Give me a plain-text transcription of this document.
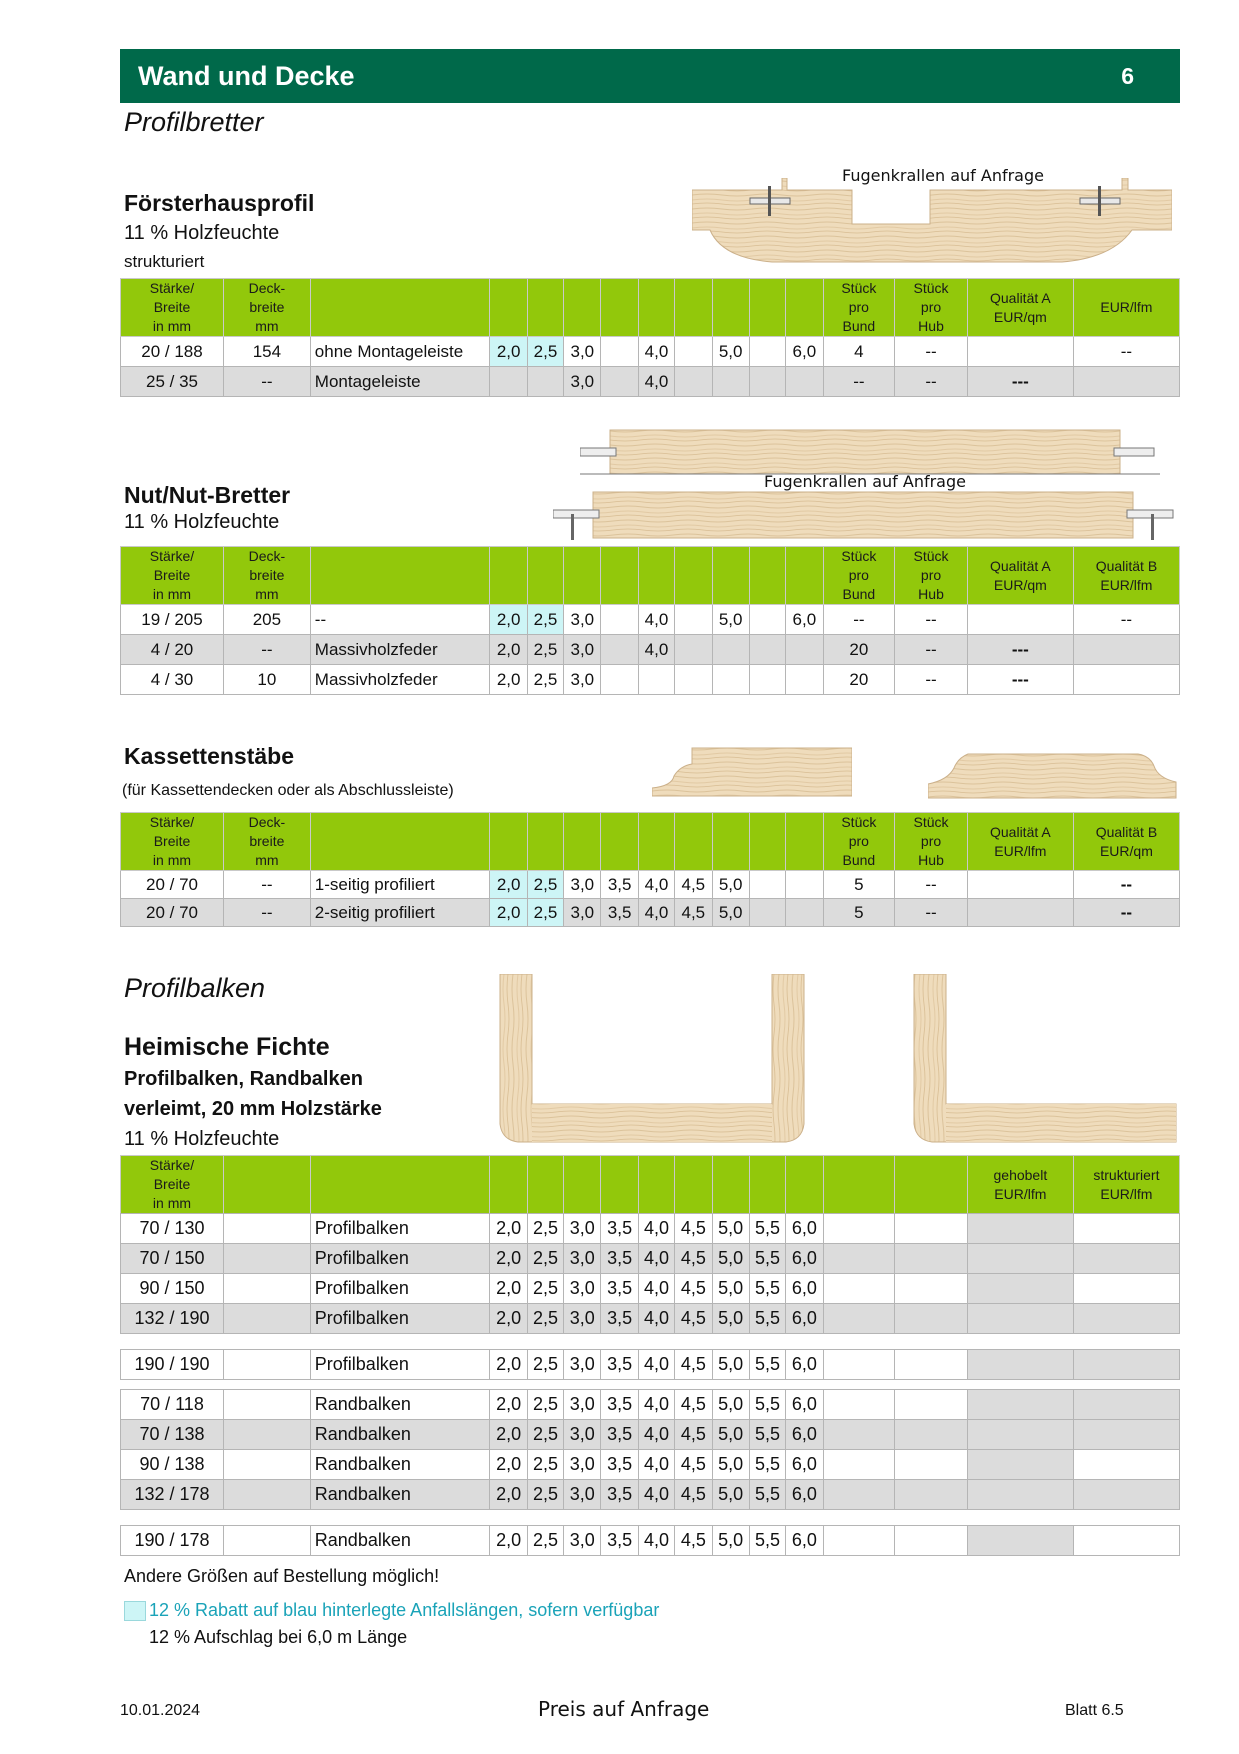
Wand und Decke	6
Profilbretter
Fugenkrallen auf Anfrage
Försterhausprofil
11 % Holzfeuchte
strukturiert
Stärke/
Breite
in mm	Deck-
breite
mm											Stück
pro
Bund	Stück
pro
Hub	Qualität A
EUR/qm	EUR/lfm
20 / 188	154	ohne Montageleiste	2,0	2,5	3,0		4,0		5,0		6,0	4	--		--
25 / 35	--	Montageleiste			3,0		4,0					--	--	---	
Fugenkrallen auf Anfrage
Nut/Nut-Bretter
11 % Holzfeuchte
Stärke/
Breite
in mm	Deck-
breite
mm											Stück
pro
Bund	Stück
pro
Hub	Qualität A
EUR/qm	Qualität B
EUR/lfm
19 / 205	205	--	2,0	2,5	3,0		4,0		5,0		6,0	--	--		--
4 / 20	--	Massivholzfeder	2,0	2,5	3,0		4,0					20	--	---	
4 / 30	10	Massivholzfeder	2,0	2,5	3,0							20	--	---	
Kassettenstäbe
(für Kassettendecken oder als Abschlussleiste)
Stärke/
Breite
in mm	Deck-
breite
mm											Stück
pro
Bund	Stück
pro
Hub	Qualität A
EUR/lfm	Qualität B
EUR/qm
20 / 70	--	1-seitig profiliert	2,0	2,5	3,0	3,5	4,0	4,5	5,0			5	--		--
20 / 70	--	2-seitig profiliert	2,0	2,5	3,0	3,5	4,0	4,5	5,0			5	--		--
Profilbalken
Heimische Fichte
Profilbalken, Randbalken
verleimt, 20 mm Holzstärke
11 % Holzfeuchte
Stärke/
Breite
in mm														gehobelt
EUR/lfm	strukturiert
EUR/lfm
70 / 130		Profilbalken	2,0	2,5	3,0	3,5	4,0	4,5	5,0	5,5	6,0				
70 / 150		Profilbalken	2,0	2,5	3,0	3,5	4,0	4,5	5,0	5,5	6,0				
90 / 150		Profilbalken	2,0	2,5	3,0	3,5	4,0	4,5	5,0	5,5	6,0				
132 / 190		Profilbalken	2,0	2,5	3,0	3,5	4,0	4,5	5,0	5,5	6,0				
190 / 190		Profilbalken	2,0	2,5	3,0	3,5	4,0	4,5	5,0	5,5	6,0				
70 / 118		Randbalken	2,0	2,5	3,0	3,5	4,0	4,5	5,0	5,5	6,0				
70 / 138		Randbalken	2,0	2,5	3,0	3,5	4,0	4,5	5,0	5,5	6,0				
90 / 138		Randbalken	2,0	2,5	3,0	3,5	4,0	4,5	5,0	5,5	6,0				
132 / 178		Randbalken	2,0	2,5	3,0	3,5	4,0	4,5	5,0	5,5	6,0				
190 / 178		Randbalken	2,0	2,5	3,0	3,5	4,0	4,5	5,0	5,5	6,0				
Andere Größen auf Bestellung möglich!
12 % Rabatt auf blau hinterlegte Anfallslängen, sofern verfügbar
12 % Aufschlag bei 6,0 m Länge
10.01.2024	Preis auf Anfrage	Blatt 6.5
